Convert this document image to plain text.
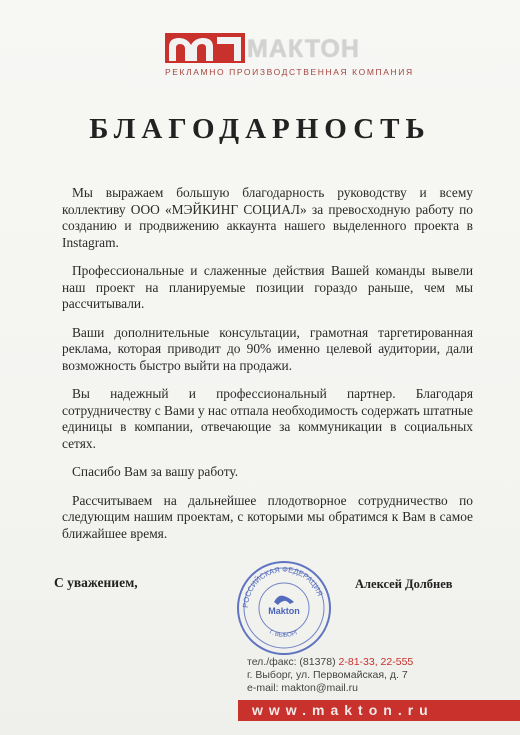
МАКТОН
РЕКЛАМНО ПРОИЗВОДСТВЕННАЯ КОМПАНИЯ
БЛАГОДАРНОСТЬ

Мы выражаем большую благодарность руководству и всему коллективу ООО «МЭЙКИНГ СОЦИАЛ» за превосходную работу по созданию и продвижению аккаунта нашего выделенного проекта в Instagram.

Профессиональные и слаженные действия Вашей команды вывели наш проект на планируемые позиции гораздо раньше, чем мы рассчитывали.

Ваши дополнительные консультации, грамотная таргетированная реклама, которая приводит до 90% именно целевой аудитории, дали возможность быстро выйти на продажи.

Вы надежный и профессиональный партнер. Благодаря сотрудничеству с Вами у нас отпала необходимость содержать штатные единицы в компании, отвечающие за коммуникации в социальных сетях.

Спасибо Вам за вашу работу.

Рассчитываем на дальнейшее плодотворное сотрудничество по следующим нашим проектам, с которыми мы обратимся к Вам в самое ближайшее время.

С уважением,	Алексей Долбнев
РОССИЙСКАЯ ФЕДЕРАЦИЯ
Г. ВЫБОРГ
Makton
тел./факс: (81378) 2-81-33, 22-555
г. Выборг, ул. Первомайская, д. 7
e-mail: makton@mail.ru
www.makton.ru
